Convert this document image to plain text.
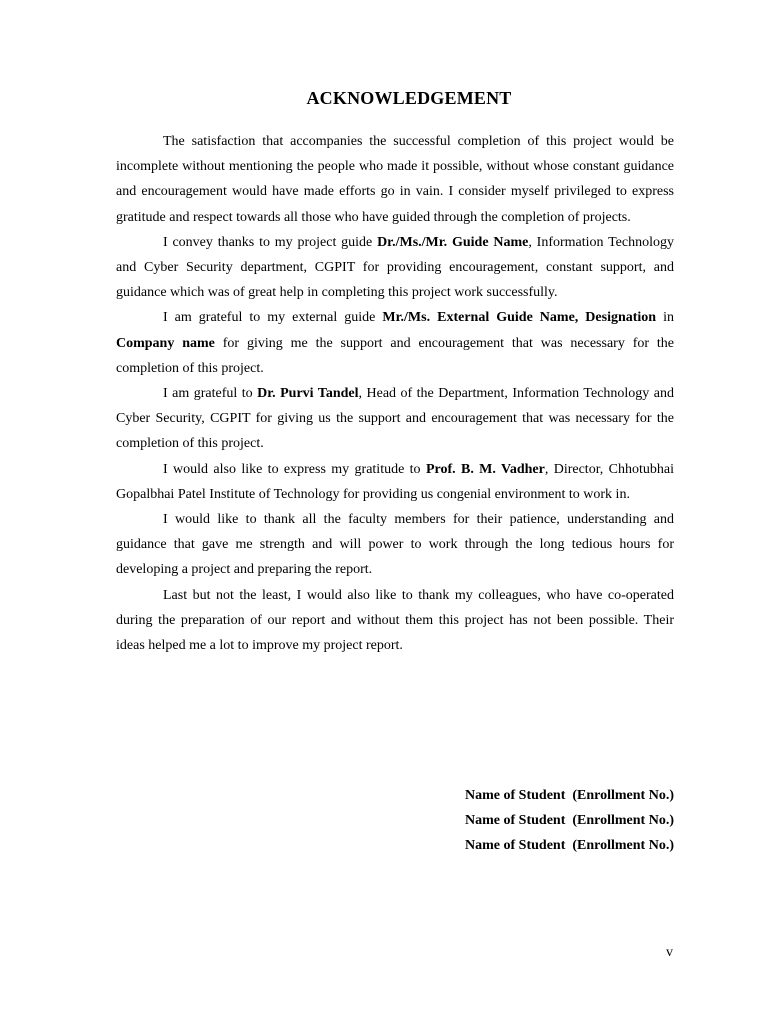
ACKNOWLEDGEMENT

The satisfaction that accompanies the successful completion of this project would be incomplete without mentioning the people who made it possible, without whose constant guidance and encouragement would have made efforts go in vain. I consider myself privileged to express gratitude and respect towards all those who have guided through the completion of projects.

I convey thanks to my project guide Dr./Ms./Mr. Guide Name, Information Technology and Cyber Security department, CGPIT for providing encouragement, constant support, and guidance which was of great help in completing this project work successfully.

I am grateful to my external guide Mr./Ms. External Guide Name, Designation in Company name for giving me the support and encouragement that was necessary for the completion of this project.

I am grateful to Dr. Purvi Tandel, Head of the Department, Information Technology and Cyber Security, CGPIT for giving us the support and encouragement that was necessary for the completion of this project.

I would also like to express my gratitude to Prof. B. M. Vadher, Director, Chhotubhai Gopalbhai Patel Institute of Technology for providing us congenial environment to work in.

I would like to thank all the faculty members for their patience, understanding and guidance that gave me strength and will power to work through the long tedious hours for developing a project and preparing the report.

Last but not the least, I would also like to thank my colleagues, who have co-operated during the preparation of our report and without them this project has not been possible. Their ideas helped me a lot to improve my project report.

Name of Student  (Enrollment No.)
Name of Student  (Enrollment No.)
Name of Student  (Enrollment No.)
v
